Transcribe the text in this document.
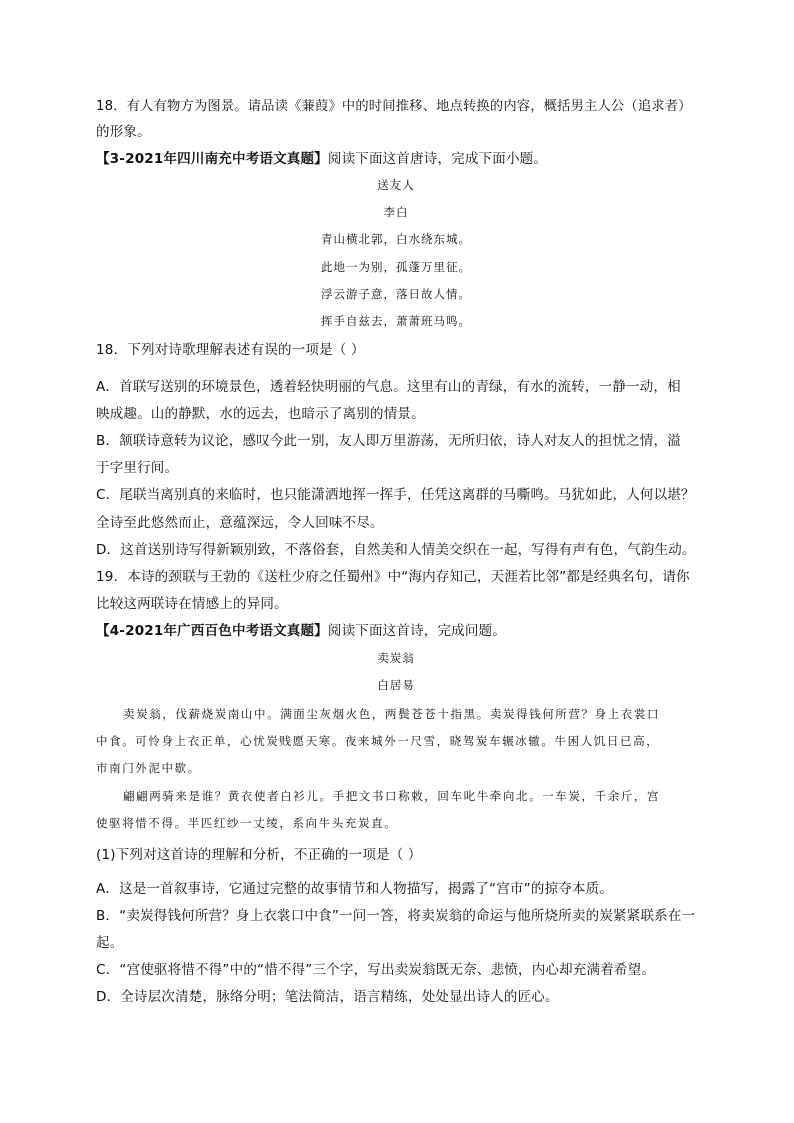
18．有人有物方为图景。请品读《蒹葭》中的时间推移、地点转换的内容，概括男主人公（追求者）

的形象。

【3-2021年四川南充中考语文真题】阅读下面这首唐诗，完成下面小题。

送友人

李白

青山横北郭，白水绕东城。

此地一为别，孤蓬万里征。

浮云游子意，落日故人情。

挥手自兹去，萧萧班马鸣。

18．下列对诗歌理解表述有误的一项是（ ）

A．首联写送别的环境景色，透着轻快明丽的气息。这里有山的青绿，有水的流转，一静一动，相

映成趣。山的静默，水的远去，也暗示了离别的情景。

B．颔联诗意转为议论，感叹今此一别，友人即万里游荡，无所归依，诗人对友人的担忧之情，溢

于字里行间。

C．尾联当离别真的来临时，也只能潇洒地挥一挥手，任凭这离群的马嘶鸣。马犹如此，人何以堪？

全诗至此悠然而止，意蕴深远，令人回味不尽。

D．这首送别诗写得新颖别致，不落俗套，自然美和人情美交织在一起，写得有声有色，气韵生动。

19．本诗的颈联与王勃的《送杜少府之任蜀州》中“海内存知己，天涯若比邻”都是经典名句，请你

比较这两联诗在情感上的异同。

【4-2021年广西百色中考语文真题】阅读下面这首诗，完成问题。

卖炭翁

白居易

卖炭翁，伐薪烧炭南山中。满面尘灰烟火色，两鬓苍苍十指黑。卖炭得钱何所营？身上衣裳口

中食。可怜身上衣正单，心忧炭贱愿天寒。夜来城外一尺雪，晓驾炭车辗冰辙。牛困人饥日已高，

市南门外泥中歇。

翩翩两骑来是谁？黄衣使者白衫儿。手把文书口称敕，回车叱牛牵向北。一车炭，千余斤，宫

使驱将惜不得。半匹红纱一丈绫，系向牛头充炭直。

(1)下列对这首诗的理解和分析，不正确的一项是（ ）

A．这是一首叙事诗，它通过完整的故事情节和人物描写，揭露了“宫市”的掠夺本质。

B．“卖炭得钱何所营？身上衣裳口中食”一问一答，将卖炭翁的命运与他所烧所卖的炭紧紧联系在一

起。

C．“宫使驱将惜不得”中的“惜不得”三个字，写出卖炭翁既无奈、悲愤，内心却充满着希望。

D．全诗层次清楚，脉络分明；笔法简洁，语言精练，处处显出诗人的匠心。
